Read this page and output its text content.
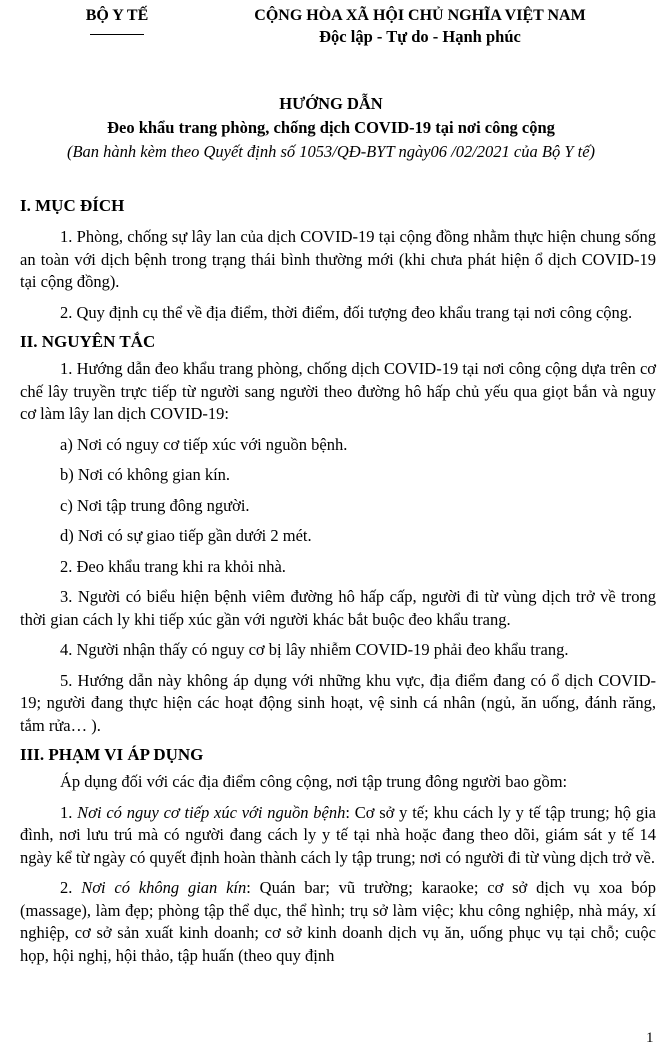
BỘ Y TẾ	CỘNG HÒA XÃ HỘI CHỦ NGHĨA VIỆT NAM
Độc lập - Tự do - Hạnh phúc
HƯỚNG DẪN
Đeo khẩu trang phòng, chống dịch COVID-19 tại nơi công cộng
(Ban hành kèm theo Quyết định số 1053/QĐ-BYT ngày06 /02/2021 của Bộ Y tế)
I. MỤC ĐÍCH

1. Phòng, chống sự lây lan của dịch COVID-19 tại cộng đồng nhằm thực hiện chung sống an toàn với dịch bệnh trong trạng thái bình thường mới (khi chưa phát hiện ổ dịch COVID-19 tại cộng đồng).

2. Quy định cụ thể về địa điểm, thời điểm, đối tượng đeo khẩu trang tại nơi công cộng.

II. NGUYÊN TẮC

1. Hướng dẫn đeo khẩu trang phòng, chống dịch COVID-19 tại nơi công cộng dựa trên cơ chế lây truyền trực tiếp từ người sang người theo đường hô hấp chủ yếu qua giọt bắn và nguy cơ làm lây lan dịch COVID-19:

a) Nơi có nguy cơ tiếp xúc với nguồn bệnh.

b) Nơi có không gian kín.

c) Nơi tập trung đông người.

d) Nơi có sự giao tiếp gần dưới 2 mét.

2. Đeo khẩu trang khi ra khỏi nhà.

3. Người có biểu hiện bệnh viêm đường hô hấp cấp, người đi từ vùng dịch trở về trong thời gian cách ly khi tiếp xúc gần với người khác bắt buộc đeo khẩu trang.

4. Người nhận thấy có nguy cơ bị lây nhiễm COVID-19 phải đeo khẩu trang.

5. Hướng dẫn này không áp dụng với những khu vực, địa điểm đang có ổ dịch COVID-19; người đang thực hiện các hoạt động sinh hoạt, vệ sinh cá nhân (ngủ, ăn uống, đánh răng, tắm rửa… ).

III. PHẠM VI ÁP DỤNG

Áp dụng đối với các địa điểm công cộng, nơi tập trung đông người bao gồm:

1. Nơi có nguy cơ tiếp xúc với nguồn bệnh: Cơ sở y tế; khu cách ly y tế tập trung; hộ gia đình, nơi lưu trú mà có người đang cách ly y tế tại nhà hoặc đang theo dõi, giám sát y tế 14 ngày kể từ ngày có quyết định hoàn thành cách ly tập trung; nơi có người đi từ vùng dịch trở về.

2. Nơi có không gian kín: Quán bar; vũ trường; karaoke; cơ sở dịch vụ xoa bóp (massage), làm đẹp; phòng tập thể dục, thể hình; trụ sở làm việc; khu công nghiệp, nhà máy, xí nghiệp, cơ sở sản xuất kinh doanh; cơ sở kinh doanh dịch vụ ăn, uống phục vụ tại chỗ; cuộc họp, hội nghị, hội thảo, tập huấn (theo quy định

1
